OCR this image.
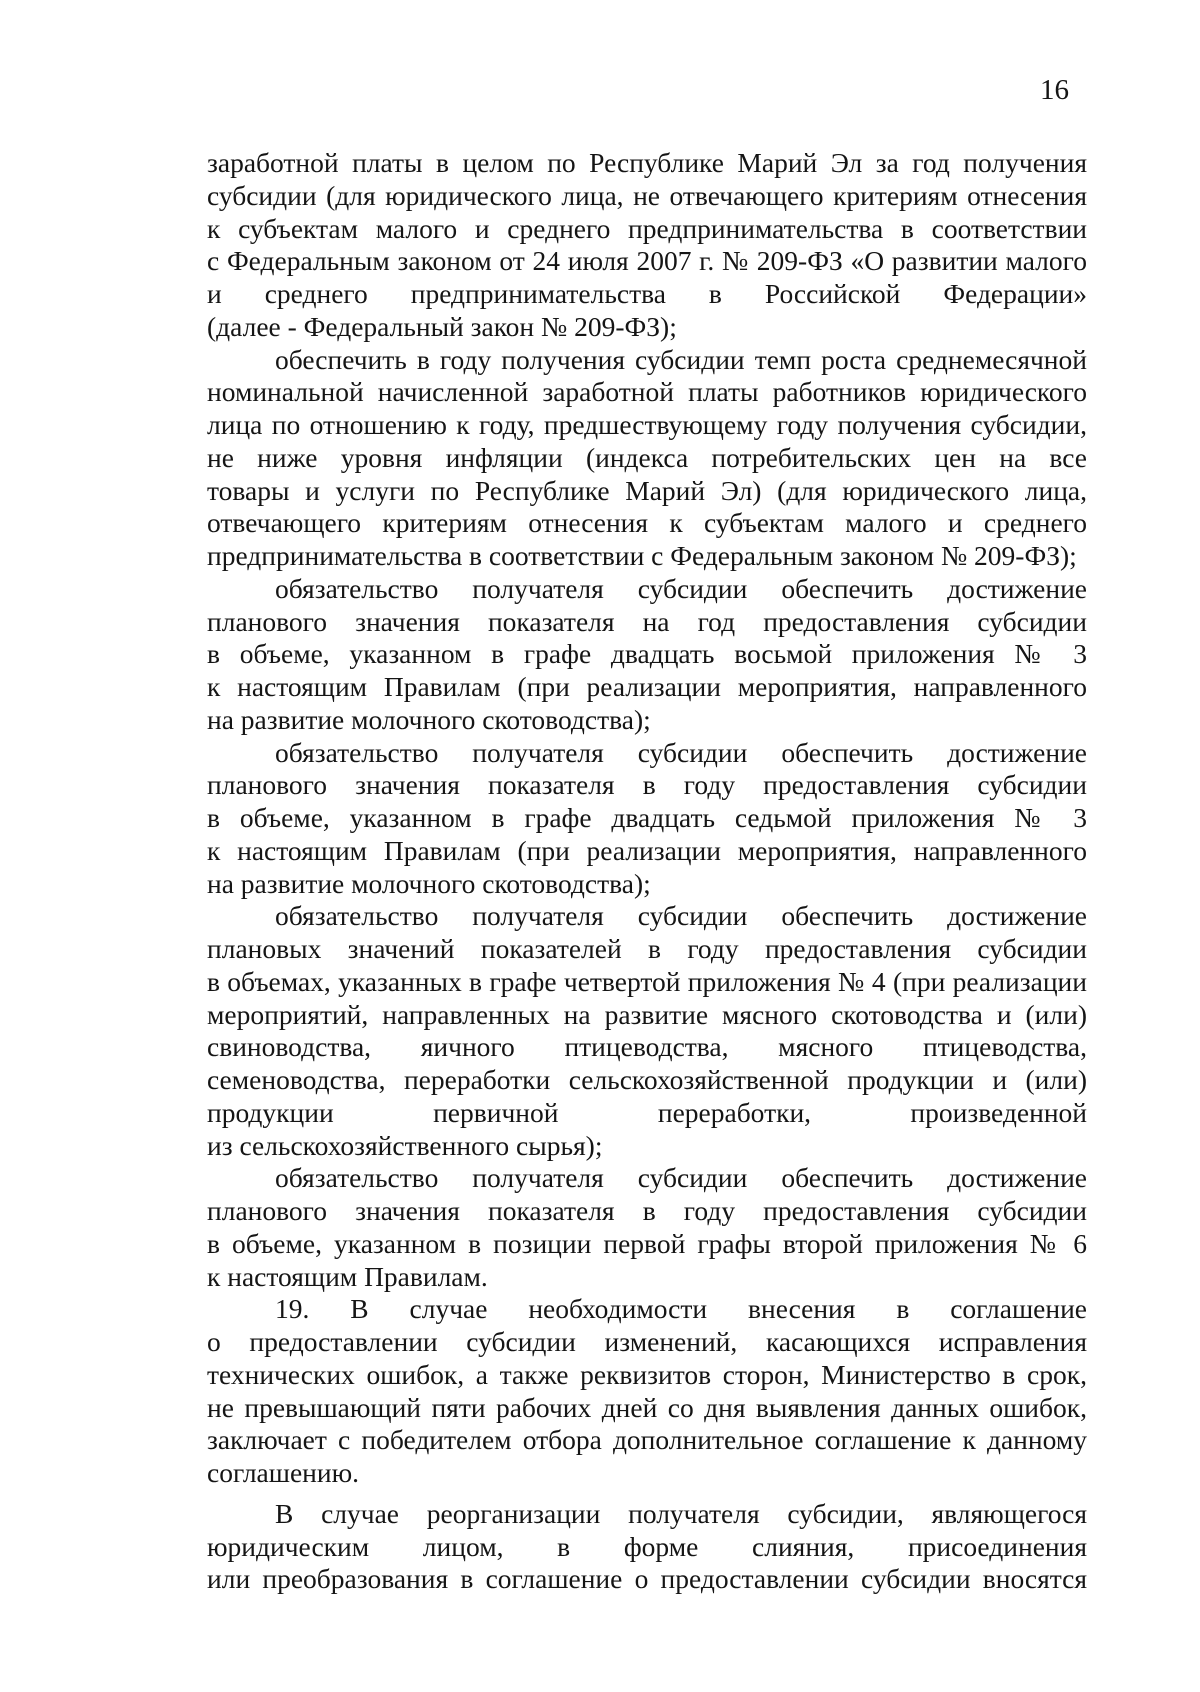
16
заработной платы в целом по Республике Марий Эл за год получения
субсидии (для юридического лица, не отвечающего критериям отнесения
к субъектам малого и среднего предпринимательства в соответствии
с Федеральным законом от 24 июля 2007 г. № 209-ФЗ «О развитии малого
и среднего предпринимательства в Российской Федерации»
(далее - Федеральный закон № 209-ФЗ);
обеспечить в году получения субсидии темп роста среднемесячной
номинальной начисленной заработной платы работников юридического
лица по отношению к году, предшествующему году получения субсидии,
не ниже уровня инфляции (индекса потребительских цен на все
товары и услуги по Республике Марий Эл) (для юридического лица,
отвечающего критериям отнесения к субъектам малого и среднего
предпринимательства в соответствии с Федеральным законом № 209-ФЗ);
обязательство получателя субсидии обеспечить достижение
планового значения показателя на год предоставления субсидии
в объеме, указанном в графе двадцать восьмой приложения № 3
к настоящим Правилам (при реализации мероприятия, направленного
на развитие молочного скотоводства);
обязательство получателя субсидии обеспечить достижение
планового значения показателя в году предоставления субсидии
в объеме, указанном в графе двадцать седьмой приложения № 3
к настоящим Правилам (при реализации мероприятия, направленного
на развитие молочного скотоводства);
обязательство получателя субсидии обеспечить достижение
плановых значений показателей в году предоставления субсидии
в объемах, указанных в графе четвертой приложения № 4 (при реализации
мероприятий, направленных на развитие мясного скотоводства и (или)
свиноводства, яичного птицеводства, мясного птицеводства,
семеноводства, переработки сельскохозяйственной продукции и (или)
продукции первичной переработки, произведенной
из сельскохозяйственного сырья);
обязательство получателя субсидии обеспечить достижение
планового значения показателя в году предоставления субсидии
в объеме, указанном в позиции первой графы второй приложения № 6
к настоящим Правилам.
19. В случае необходимости внесения в соглашение
о предоставлении субсидии изменений, касающихся исправления
технических ошибок, а также реквизитов сторон, Министерство в срок,
не превышающий пяти рабочих дней со дня выявления данных ошибок,
заключает с победителем отбора дополнительное соглашение к данному
соглашению.
В случае реорганизации получателя субсидии, являющегося
юридическим лицом, в форме слияния, присоединения
или преобразования в соглашение о предоставлении субсидии вносятся
